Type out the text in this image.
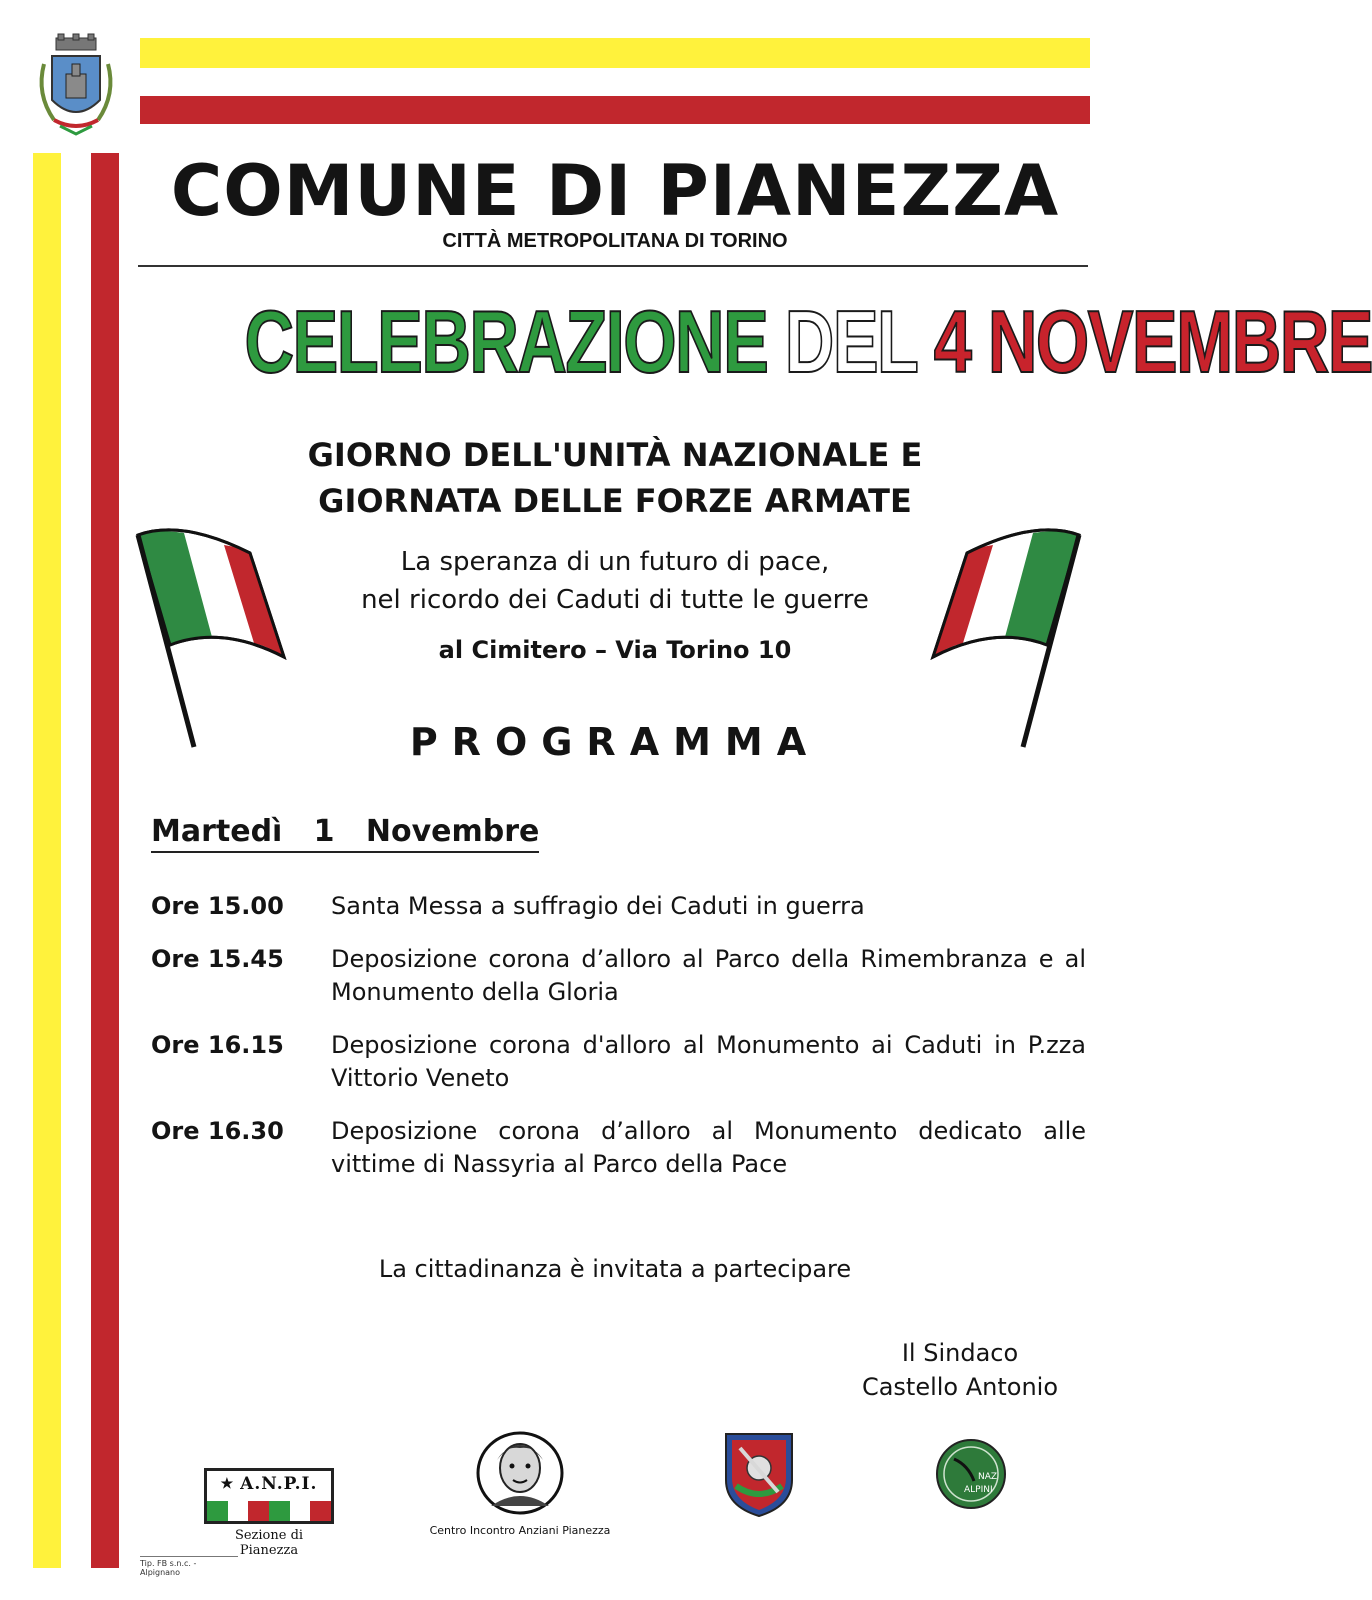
COMUNE DI PIANEZZA
CITTÀ METROPOLITANA DI TORINO
CELEBRAZIONE DEL 4 NOVEMBRE
GIORNO DELL'UNITÀ NAZIONALE E
GIORNATA DELLE FORZE ARMATE
La speranza di un futuro di pace,
nel ricordo dei Caduti di tutte le guerre
al Cimitero – Via Torino 10
PROGRAMMA
Martedì   1   Novembre
Ore 15.00	Santa Messa a suffragio dei Caduti in guerra
Ore 15.45	Deposizione corona d’alloro al Parco della Rimembranza e al Monumento della Gloria
Ore 16.15	Deposizione corona d'alloro al Monumento ai Caduti in P.zza Vittorio Veneto
Ore 16.30	Deposizione corona d’alloro al Monumento dedicato alle vittime di Nassyria al Parco della Pace
La cittadinanza è invitata a partecipare
Il Sindaco
Castello Antonio
★ A.N.P.I.
Sezione di Pianezza
Centro Incontro Anziani Pianezza
NAZ
ALPINI
Tip. FB s.n.c. - Alpignano
